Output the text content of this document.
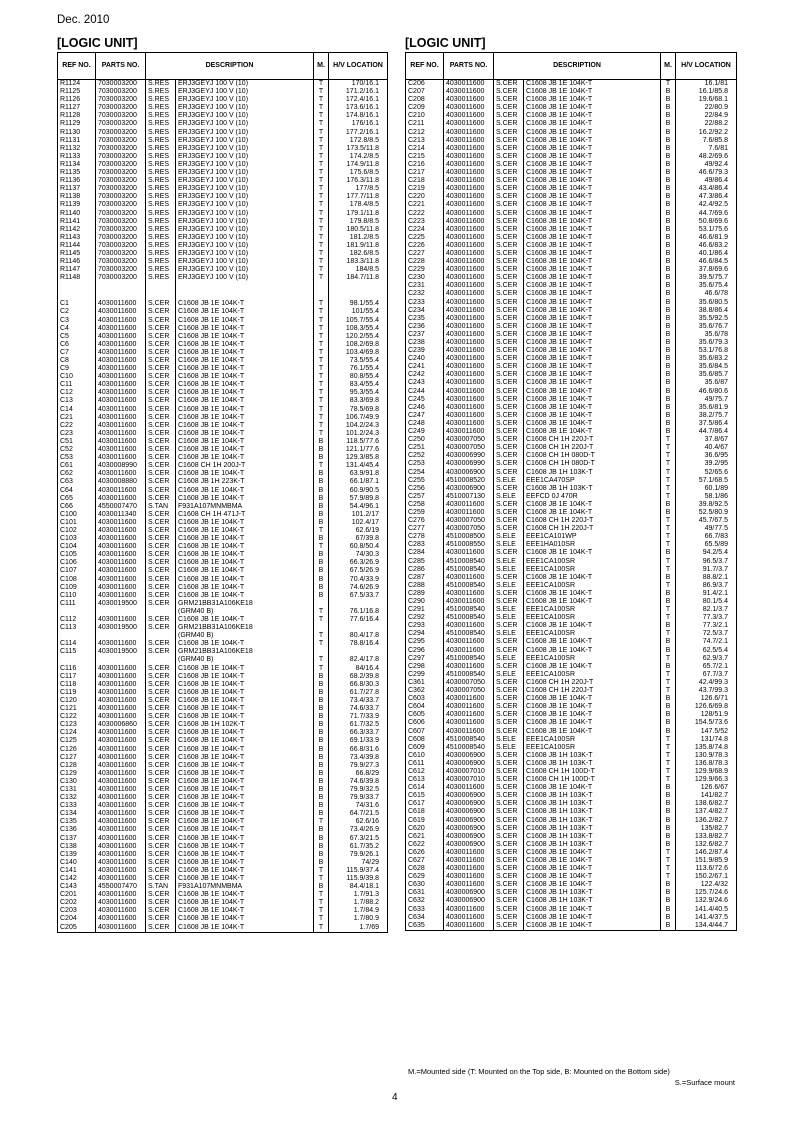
Dec. 2010
[LOGIC UNIT]	[LOGIC UNIT]
REF NO.	PARTS NO.	DESCRIPTION		M.	H/V LOCATION
R1124	7030003200	S.RES	ERJ3GEYJ 100 V (10)	T	170/16.1
R1125	7030003200	S.RES	ERJ3GEYJ 100 V (10)	T	171.2/16.1
R1126	7030003200	S.RES	ERJ3GEYJ 100 V (10)	T	172.4/16.1
R1127	7030003200	S.RES	ERJ3GEYJ 100 V (10)	T	173.6/16.1
R1128	7030003200	S.RES	ERJ3GEYJ 100 V (10)	T	174.8/16.1
R1129	7030003200	S.RES	ERJ3GEYJ 100 V (10)	T	176/16.1
R1130	7030003200	S.RES	ERJ3GEYJ 100 V (10)	T	177.2/16.1
R1131	7030003200	S.RES	ERJ3GEYJ 100 V (10)	T	172.8/8.5
R1132	7030003200	S.RES	ERJ3GEYJ 100 V (10)	T	173.5/11.8
R1133	7030003200	S.RES	ERJ3GEYJ 100 V (10)	T	174.2/8.5
R1134	7030003200	S.RES	ERJ3GEYJ 100 V (10)	T	174.9/11.8
R1135	7030003200	S.RES	ERJ3GEYJ 100 V (10)	T	175.6/8.5
R1136	7030003200	S.RES	ERJ3GEYJ 100 V (10)	T	176.3/11.8
R1137	7030003200	S.RES	ERJ3GEYJ 100 V (10)	T	177/8.5
R1138	7030003200	S.RES	ERJ3GEYJ 100 V (10)	T	177.7/11.8
R1139	7030003200	S.RES	ERJ3GEYJ 100 V (10)	T	178.4/8.5
R1140	7030003200	S.RES	ERJ3GEYJ 100 V (10)	T	179.1/11.8
R1141	7030003200	S.RES	ERJ3GEYJ 100 V (10)	T	179.8/8.5
R1142	7030003200	S.RES	ERJ3GEYJ 100 V (10)	T	180.5/11.8
R1143	7030003200	S.RES	ERJ3GEYJ 100 V (10)	T	181.2/8.5
R1144	7030003200	S.RES	ERJ3GEYJ 100 V (10)	T	181.9/11.8
R1145	7030003200	S.RES	ERJ3GEYJ 100 V (10)	T	182.6/8.5
R1146	7030003200	S.RES	ERJ3GEYJ 100 V (10)	T	183.3/11.8
R1147	7030003200	S.RES	ERJ3GEYJ 100 V (10)	T	184/8.5
R1148	7030003200	S.RES	ERJ3GEYJ 100 V (10)	T	184.7/11.8

C1	4030011600	S.CER	C1608 JB 1E 104K-T	T	98.1/55.4
C2	4030011600	S.CER	C1608 JB 1E 104K-T	T	101/55.4
C3	4030011600	S.CER	C1608 JB 1E 104K-T	T	105.7/55.4
C4	4030011600	S.CER	C1608 JB 1E 104K-T	T	108.3/55.4
C5	4030011600	S.CER	C1608 JB 1E 104K-T	T	120.2/55.4
C6	4030011600	S.CER	C1608 JB 1E 104K-T	T	108.2/69.8
C7	4030011600	S.CER	C1608 JB 1E 104K-T	T	103.4/69.8
C8	4030011600	S.CER	C1608 JB 1E 104K-T	T	73.5/55.4
C9	4030011600	S.CER	C1608 JB 1E 104K-T	T	76.1/55.4
C10	4030011600	S.CER	C1608 JB 1E 104K-T	T	80.8/55.4
C11	4030011600	S.CER	C1608 JB 1E 104K-T	T	83.4/55.4
C12	4030011600	S.CER	C1608 JB 1E 104K-T	T	95.3/55.4
C13	4030011600	S.CER	C1608 JB 1E 104K-T	T	83.3/69.8
C14	4030011600	S.CER	C1608 JB 1E 104K-T	T	78.5/69.8
C21	4030011600	S.CER	C1608 JB 1E 104K-T	T	106.7/49.9
C22	4030011600	S.CER	C1608 JB 1E 104K-T	T	104.2/24.3
C23	4030011600	S.CER	C1608 JB 1E 104K-T	T	101.2/24.3
C51	4030011600	S.CER	C1608 JB 1E 104K-T	B	118.5/77.6
C52	4030011600	S.CER	C1608 JB 1E 104K-T	B	121.1/77.6
C53	4030011600	S.CER	C1608 JB 1E 104K-T	B	129.3/85.8
C61	4030008990	S.CER	C1608 CH 1H 200J-T	T	131.4/45.4
C62	4030011600	S.CER	C1608 JB 1E 104K-T	B	63.9/91.8
C63	4030008880	S.CER	C1608 JB 1H 223K-T	B	66.1/87.1
C64	4030011600	S.CER	C1608 JB 1E 104K-T	B	60.9/90.5
C65	4030011600	S.CER	C1608 JB 1E 104K-T	B	57.9/89.8
C66	4550007470	S.TAN	F931A107MNMBMA	B	54.4/96.1
C100	4030011340	S.CER	C1608 CH 1H 471J-T	B	101.2/17
C101	4030011600	S.CER	C1608 JB 1E 104K-T	B	102.4/17
C102	4030011600	S.CER	C1608 JB 1E 104K-T	T	62.6/19
C103	4030011600	S.CER	C1608 JB 1E 104K-T	B	67/39.8
C104	4030011600	S.CER	C1608 JB 1E 104K-T	T	60.8/50.4
C105	4030011600	S.CER	C1608 JB 1E 104K-T	B	74/30.3
C106	4030011600	S.CER	C1608 JB 1E 104K-T	B	66.3/26.9
C107	4030011600	S.CER	C1608 JB 1E 104K-T	B	67.5/26.9
C108	4030011600	S.CER	C1608 JB 1E 104K-T	B	70.4/33.9
C109	4030011600	S.CER	C1608 JB 1E 104K-T	B	74.6/26.9
C110	4030011600	S.CER	C1608 JB 1E 104K-T	B	67.5/33.7
C111	4030019500	S.CER	GRM21BB31A106KE18		
			(GRM40 B)	T	76.1/16.8
C112	4030011600	S.CER	C1608 JB 1E 104K-T	T	77.6/16.4
C113	4030019500	S.CER	GRM21BB31A106KE18		
			(GRM40 B)	T	80.4/17.8
C114	4030011600	S.CER	C1608 JB 1E 104K-T	T	78.8/16.4
C115	4030019500	S.CER	GRM21BB31A106KE18		
			(GRM40 B)	T	82.4/17.8
C116	4030011600	S.CER	C1608 JB 1E 104K-T	T	84/16.4
C117	4030011600	S.CER	C1608 JB 1E 104K-T	B	68.2/39.8
C118	4030011600	S.CER	C1608 JB 1E 104K-T	B	66.8/30.3
C119	4030011600	S.CER	C1608 JB 1E 104K-T	B	61.7/27.8
C120	4030011600	S.CER	C1608 JB 1E 104K-T	B	73.4/33.7
C121	4030011600	S.CER	C1608 JB 1E 104K-T	B	74.6/33.7
C122	4030011600	S.CER	C1608 JB 1E 104K-T	B	71.7/33.9
C123	4030006860	S.CER	C1608 JB 1H 102K-T	B	61.7/32.5
C124	4030011600	S.CER	C1608 JB 1E 104K-T	B	66.3/33.7
C125	4030011600	S.CER	C1608 JB 1E 104K-T	B	69.1/33.9
C126	4030011600	S.CER	C1608 JB 1E 104K-T	B	66.8/31.6
C127	4030011600	S.CER	C1608 JB 1E 104K-T	B	73.4/39.8
C128	4030011600	S.CER	C1608 JB 1E 104K-T	B	79.9/27.3
C129	4030011600	S.CER	C1608 JB 1E 104K-T	B	66.8/29
C130	4030011600	S.CER	C1608 JB 1E 104K-T	B	74.6/39.8
C131	4030011600	S.CER	C1608 JB 1E 104K-T	B	79.9/32.5
C132	4030011600	S.CER	C1608 JB 1E 104K-T	B	79.9/33.7
C133	4030011600	S.CER	C1608 JB 1E 104K-T	B	74/31.6
C134	4030011600	S.CER	C1608 JB 1E 104K-T	B	64.7/21.5
C135	4030011600	S.CER	C1608 JB 1E 104K-T	T	62.6/16
C136	4030011600	S.CER	C1608 JB 1E 104K-T	B	73.4/26.9
C137	4030011600	S.CER	C1608 JB 1E 104K-T	B	67.3/21.5
C138	4030011600	S.CER	C1608 JB 1E 104K-T	B	61.7/35.2
C139	4030011600	S.CER	C1608 JB 1E 104K-T	B	79.9/26.1
C140	4030011600	S.CER	C1608 JB 1E 104K-T	B	74/29
C141	4030011600	S.CER	C1608 JB 1E 104K-T	T	115.9/37.4
C142	4030011600	S.CER	C1608 JB 1E 104K-T	T	115.9/39.8
C143	4550007470	S.TAN	F931A107MNMBMA	B	84.4/18.1
C201	4030011600	S.CER	C1608 JB 1E 104K-T	T	1.7/91.3
C202	4030011600	S.CER	C1608 JB 1E 104K-T	T	1.7/88.2
C203	4030011600	S.CER	C1608 JB 1E 104K-T	T	1.7/84.9
C204	4030011600	S.CER	C1608 JB 1E 104K-T	T	1.7/80.9
C205	4030011600	S.CER	C1608 JB 1E 104K-T	T	1.7/69
REF NO.	PARTS NO.	DESCRIPTION		M.	H/V LOCATION
C206	4030011600	S.CER	C1608 JB 1E 104K-T	T	16.1/81
C207	4030011600	S.CER	C1608 JB 1E 104K-T	B	16.1/85.8
C208	4030011600	S.CER	C1608 JB 1E 104K-T	B	19.6/68.1
C209	4030011600	S.CER	C1608 JB 1E 104K-T	B	22/80.9
C210	4030011600	S.CER	C1608 JB 1E 104K-T	B	22/84.9
C211	4030011600	S.CER	C1608 JB 1E 104K-T	B	22/88.2
C212	4030011600	S.CER	C1608 JB 1E 104K-T	B	16.2/92.2
C213	4030011600	S.CER	C1608 JB 1E 104K-T	B	7.6/85.8
C214	4030011600	S.CER	C1608 JB 1E 104K-T	B	7.6/81
C215	4030011600	S.CER	C1608 JB 1E 104K-T	B	48.2/69.6
C216	4030011600	S.CER	C1608 JB 1E 104K-T	B	49/92.4
C217	4030011600	S.CER	C1608 JB 1E 104K-T	B	46.6/79.3
C218	4030011600	S.CER	C1608 JB 1E 104K-T	B	49/86.4
C219	4030011600	S.CER	C1608 JB 1E 104K-T	B	43.4/86.4
C220	4030011600	S.CER	C1608 JB 1E 104K-T	B	47.3/86.4
C221	4030011600	S.CER	C1608 JB 1E 104K-T	B	42.4/92.5
C222	4030011600	S.CER	C1608 JB 1E 104K-T	B	44.7/69.6
C223	4030011600	S.CER	C1608 JB 1E 104K-T	B	50.8/69.6
C224	4030011600	S.CER	C1608 JB 1E 104K-T	B	53.1/75.6
C225	4030011600	S.CER	C1608 JB 1E 104K-T	B	46.6/81.9
C226	4030011600	S.CER	C1608 JB 1E 104K-T	B	46.6/83.2
C227	4030011600	S.CER	C1608 JB 1E 104K-T	B	40.1/86.4
C228	4030011600	S.CER	C1608 JB 1E 104K-T	B	46.6/84.5
C229	4030011600	S.CER	C1608 JB 1E 104K-T	B	37.8/69.6
C230	4030011600	S.CER	C1608 JB 1E 104K-T	B	39.5/75.7
C231	4030011600	S.CER	C1608 JB 1E 104K-T	B	35.6/75.4
C232	4030011600	S.CER	C1608 JB 1E 104K-T	B	46.6/78
C233	4030011600	S.CER	C1608 JB 1E 104K-T	B	35.6/80.5
C234	4030011600	S.CER	C1608 JB 1E 104K-T	B	38.8/86.4
C235	4030011600	S.CER	C1608 JB 1E 104K-T	B	35.5/92.5
C236	4030011600	S.CER	C1608 JB 1E 104K-T	B	35.6/76.7
C237	4030011600	S.CER	C1608 JB 1E 104K-T	B	35.6/78
C238	4030011600	S.CER	C1608 JB 1E 104K-T	B	35.6/79.3
C239	4030011600	S.CER	C1608 JB 1E 104K-T	B	53.1/76.8
C240	4030011600	S.CER	C1608 JB 1E 104K-T	B	35.6/83.2
C241	4030011600	S.CER	C1608 JB 1E 104K-T	B	35.6/84.5
C242	4030011600	S.CER	C1608 JB 1E 104K-T	B	35.6/85.7
C243	4030011600	S.CER	C1608 JB 1E 104K-T	B	35.6/87
C244	4030011600	S.CER	C1608 JB 1E 104K-T	B	46.6/80.6
C245	4030011600	S.CER	C1608 JB 1E 104K-T	B	49/75.7
C246	4030011600	S.CER	C1608 JB 1E 104K-T	B	35.6/81.9
C247	4030011600	S.CER	C1608 JB 1E 104K-T	B	38.2/75.7
C248	4030011600	S.CER	C1608 JB 1E 104K-T	B	37.5/86.4
C249	4030011600	S.CER	C1608 JB 1E 104K-T	B	44.7/86.4
C250	4030007050	S.CER	C1608 CH 1H 220J-T	T	37.8/67
C251	4030007050	S.CER	C1608 CH 1H 220J-T	T	40.4/67
C252	4030006990	S.CER	C1608 CH 1H 080D-T	T	36.6/95
C253	4030006990	S.CER	C1608 CH 1H 080D-T	T	39.2/95
C254	4030006900	S.CER	C1608 JB 1H 103K-T	T	52/65.6
C255	4510008520	S.ELE	EEE1CA470SP	T	57.1/68.5
C256	4030006900	S.CER	C1608 JB 1H 103K-T	T	60.1/89
C257	4510007130	S.ELE	EEFCD 0J 470R	T	58.1/86
C258	4030011600	S.CER	C1608 JB 1E 104K-T	B	39.8/92.5
C259	4030011600	S.CER	C1608 JB 1E 104K-T	B	52.5/80.9
C276	4030007050	S.CER	C1608 CH 1H 220J-T	T	45.7/67.5
C277	4030007050	S.CER	C1608 CH 1H 220J-T	T	49/77.5
C278	4510008500	S.ELE	EEE1CA101WP	T	66.7/83
C283	4510008550	S.ELE	EEE1HA010SR	T	65.5/89
C284	4030011600	S.CER	C1608 JB 1E 104K-T	B	94.2/5.4
C285	4510008540	S.ELE	EEE1CA100SR	T	96.5/3.7
C286	4510008540	S.ELE	EEE1CA100SR	T	91.7/3.7
C287	4030011600	S.CER	C1608 JB 1E 104K-T	B	88.8/2.1
C288	4510008540	S.ELE	EEE1CA100SR	T	86.9/3.7
C289	4030011600	S.CER	C1608 JB 1E 104K-T	B	91.4/2.1
C290	4030011600	S.CER	C1608 JB 1E 104K-T	B	80.1/5.4
C291	4510008540	S.ELE	EEE1CA100SR	T	82.1/3.7
C292	4510008540	S.ELE	EEE1CA100SR	T	77.3/3.7
C293	4030011600	S.CER	C1608 JB 1E 104K-T	B	77.3/2.1
C294	4510008540	S.ELE	EEE1CA100SR	T	72.5/3.7
C295	4030011600	S.CER	C1608 JB 1E 104K-T	B	74.7/2.1
C296	4030011600	S.CER	C1608 JB 1E 104K-T	B	62.5/5.4
C297	4510008540	S.ELE	EEE1CA100SR	T	62.9/3.7
C298	4030011600	S.CER	C1608 JB 1E 104K-T	B	65.7/2.1
C299	4510008540	S.ELE	EEE1CA100SR	T	67.7/3.7
C361	4030007050	S.CER	C1608 CH 1H 220J-T	T	42.4/99.3
C362	4030007050	S.CER	C1608 CH 1H 220J-T	T	43.7/99.3
C603	4030011600	S.CER	C1608 JB 1E 104K-T	B	126.6/71
C604	4030011600	S.CER	C1608 JB 1E 104K-T	B	126.6/69.8
C605	4030011600	S.CER	C1608 JB 1E 104K-T	B	128/51.9
C606	4030011600	S.CER	C1608 JB 1E 104K-T	B	154.5/73.6
C607	4030011600	S.CER	C1608 JB 1E 104K-T	B	147.5/52
C608	4510008540	S.ELE	EEE1CA100SR	T	131/74.8
C609	4510008540	S.ELE	EEE1CA100SR	T	135.8/74.8
C610	4030006900	S.CER	C1608 JB 1H 103K-T	T	130.9/78.3
C611	4030006900	S.CER	C1608 JB 1H 103K-T	T	136.8/78.3
C612	4030007010	S.CER	C1608 CH 1H 100D-T	T	129.9/68.9
C613	4030007010	S.CER	C1608 CH 1H 100D-T	T	129.9/66.3
C614	4030011600	S.CER	C1608 JB 1E 104K-T	B	126.6/67
C615	4030006900	S.CER	C1608 JB 1H 103K-T	B	141/82.7
C617	4030006900	S.CER	C1608 JB 1H 103K-T	B	138.6/82.7
C618	4030006900	S.CER	C1608 JB 1H 103K-T	B	137.4/82.7
C619	4030006900	S.CER	C1608 JB 1H 103K-T	B	136.2/82.7
C620	4030006900	S.CER	C1608 JB 1H 103K-T	B	135/82.7
C621	4030006900	S.CER	C1608 JB 1H 103K-T	B	133.8/82.7
C622	4030006900	S.CER	C1608 JB 1H 103K-T	B	132.6/82.7
C626	4030011600	S.CER	C1608 JB 1E 104K-T	T	146.2/87.4
C627	4030011600	S.CER	C1608 JB 1E 104K-T	T	151.9/85.9
C628	4030011600	S.CER	C1608 JB 1E 104K-T	T	113.6/72.6
C629	4030011600	S.CER	C1608 JB 1E 104K-T	T	150.2/67.1
C630	4030011600	S.CER	C1608 JB 1E 104K-T	B	122.4/32
C631	4030006900	S.CER	C1608 JB 1H 103K-T	B	125.7/24.6
C632	4030006900	S.CER	C1608 JB 1H 103K-T	B	132.9/24.6
C633	4030011600	S.CER	C1608 JB 1E 104K-T	B	141.4/40.5
C634	4030011600	S.CER	C1608 JB 1E 104K-T	B	141.4/37.5
C635	4030011600	S.CER	C1608 JB 1E 104K-T	B	134.4/44.7
M.=Mounted side (T: Mounted on the Top side, B: Mounted on the Bottom side)
S.=Surface mount
4
